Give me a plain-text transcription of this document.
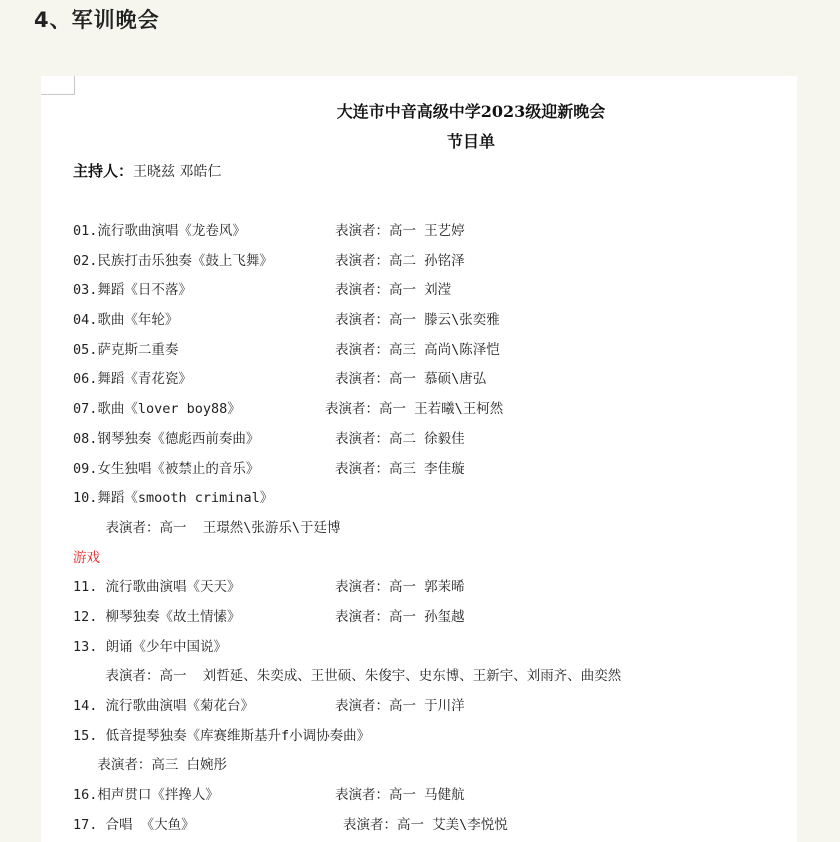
4、军训晚会
大连市中音高级中学2023级迎新晚会
节目单
主持人：王晓兹 邓皓仁
01.流行歌曲演唱《龙卷风》	表演者：高一 王艺婷
02.民族打击乐独奏《鼓上飞舞》	表演者：高二 孙铭泽
03.舞蹈《日不落》	表演者：高一 刘滢
04.歌曲《年轮》	表演者：高一 滕云\张奕雅
05.萨克斯二重奏	表演者：高三 高尚\陈泽恺
06.舞蹈《青花瓷》	表演者：高一 慕硕\唐弘
07.歌曲《lover boy88》	表演者：高一 王若曦\王柯然
08.钢琴独奏《德彪西前奏曲》	表演者：高二 徐毅佳
09.女生独唱《被禁止的音乐》	表演者：高三 李佳璇
10.舞蹈《smooth criminal》
表演者：高一  王璟然\张游乐\于廷博
游戏
11. 流行歌曲演唱《天天》	表演者：高一 郭茉晞
12. 柳琴独奏《故土情愫》	表演者：高一 孙玺越
13. 朗诵《少年中国说》
表演者：高一  刘哲延、朱奕成、王世硕、朱俊宇、史东博、王新宇、刘雨齐、曲奕然
14. 流行歌曲演唱《菊花台》	表演者：高一 于川洋
15. 低音提琴独奏《库赛维斯基升f小调协奏曲》
表演者：高三 白婉彤
16.相声贯口《拌搀人》	表演者：高一 马健航
17. 合唱 《大鱼》	表演者：高一 艾美\李悦悦
